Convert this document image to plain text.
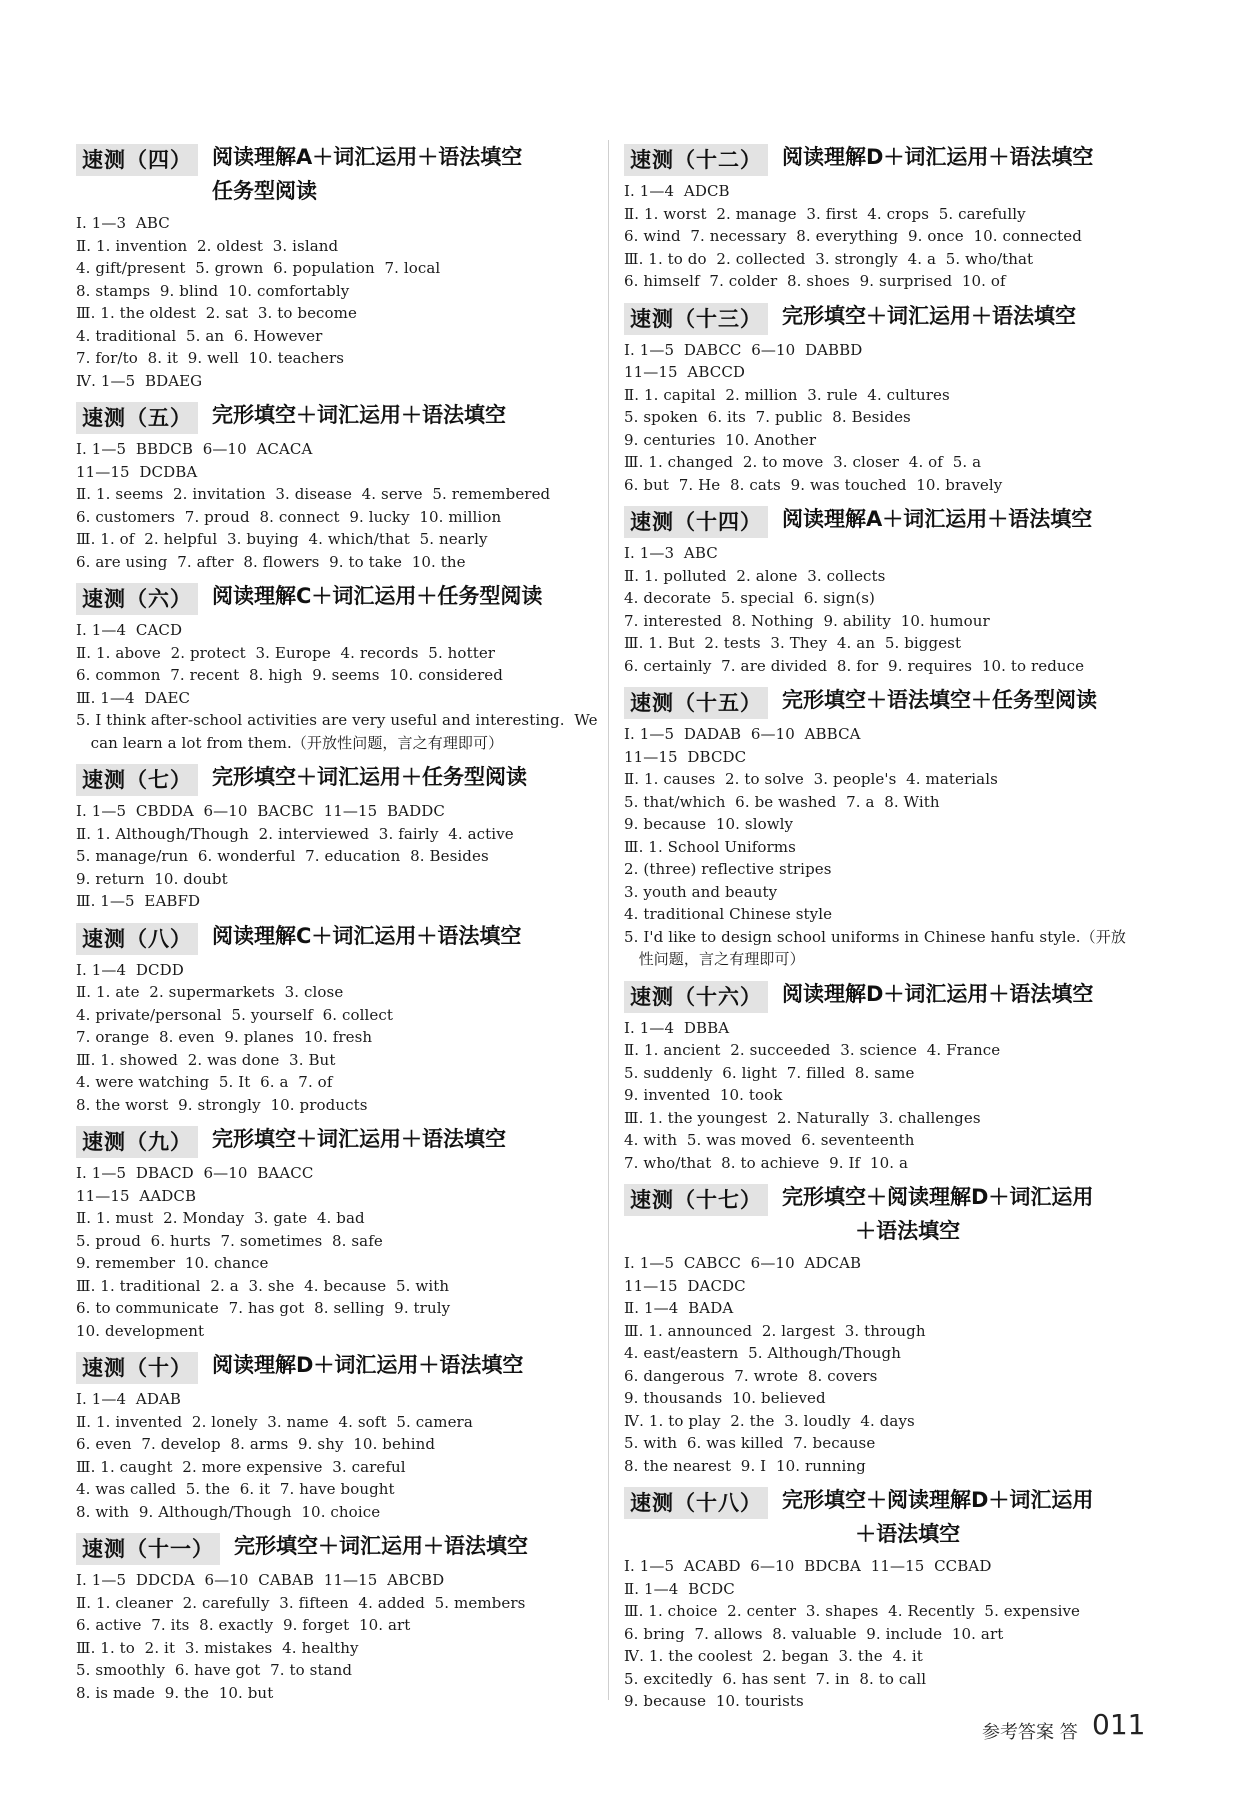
速测（四） 阅读理解A＋词汇运用＋语法填空
任务型阅读
Ⅰ. 1—3  ABC
Ⅱ. 1. invention  2. oldest  3. island
4. gift/present  5. grown  6. population  7. local
8. stamps  9. blind  10. comfortably
Ⅲ. 1. the oldest  2. sat  3. to become
4. traditional  5. an  6. However
7. for/to  8. it  9. well  10. teachers
Ⅳ. 1—5  BDAEG
速测（五） 完形填空＋词汇运用＋语法填空
Ⅰ. 1—5  BBDCB  6—10  ACACA
11—15  DCDBA
Ⅱ. 1. seems  2. invitation  3. disease  4. serve  5. remembered
6. customers  7. proud  8. connect  9. lucky  10. million
Ⅲ. 1. of  2. helpful  3. buying  4. which/that  5. nearly
6. are using  7. after  8. flowers  9. to take  10. the
速测（六） 阅读理解C＋词汇运用＋任务型阅读
Ⅰ. 1—4  CACD
Ⅱ. 1. above  2. protect  3. Europe  4. records  5. hotter
6. common  7. recent  8. high  9. seems  10. considered
Ⅲ. 1—4  DAEC
5. I think after-school activities are very useful and interesting.  We
can learn a lot from them.（开放性问题，言之有理即可）
速测（七） 完形填空＋词汇运用＋任务型阅读
Ⅰ. 1—5  CBDDA  6—10  BACBC  11—15  BADDC
Ⅱ. 1. Although/Though  2. interviewed  3. fairly  4. active
5. manage/run  6. wonderful  7. education  8. Besides
9. return  10. doubt
Ⅲ. 1—5  EABFD
速测（八） 阅读理解C＋词汇运用＋语法填空
Ⅰ. 1—4  DCDD
Ⅱ. 1. ate  2. supermarkets  3. close
4. private/personal  5. yourself  6. collect
7. orange  8. even  9. planes  10. fresh
Ⅲ. 1. showed  2. was done  3. But
4. were watching  5. It  6. a  7. of
8. the worst  9. strongly  10. products
速测（九） 完形填空＋词汇运用＋语法填空
Ⅰ. 1—5  DBACD  6—10  BAACC
11—15  AADCB
Ⅱ. 1. must  2. Monday  3. gate  4. bad
5. proud  6. hurts  7. sometimes  8. safe
9. remember  10. chance
Ⅲ. 1. traditional  2. a  3. she  4. because  5. with
6. to communicate  7. has got  8. selling  9. truly
10. development
速测（十） 阅读理解D＋词汇运用＋语法填空
Ⅰ. 1—4  ADAB
Ⅱ. 1. invented  2. lonely  3. name  4. soft  5. camera
6. even  7. develop  8. arms  9. shy  10. behind
Ⅲ. 1. caught  2. more expensive  3. careful
4. was called  5. the  6. it  7. have bought
8. with  9. Although/Though  10. choice
速测（十一） 完形填空＋词汇运用＋语法填空
Ⅰ. 1—5  DDCDA  6—10  CABAB  11—15  ABCBD
Ⅱ. 1. cleaner  2. carefully  3. fifteen  4. added  5. members
6. active  7. its  8. exactly  9. forget  10. art
Ⅲ. 1. to  2. it  3. mistakes  4. healthy
5. smoothly  6. have got  7. to stand
8. is made  9. the  10. but
速测（十二） 阅读理解D＋词汇运用＋语法填空
Ⅰ. 1—4  ADCB
Ⅱ. 1. worst  2. manage  3. first  4. crops  5. carefully
6. wind  7. necessary  8. everything  9. once  10. connected
Ⅲ. 1. to do  2. collected  3. strongly  4. a  5. who/that
6. himself  7. colder  8. shoes  9. surprised  10. of
速测（十三） 完形填空＋词汇运用＋语法填空
Ⅰ. 1—5  DABCC  6—10  DABBD
11—15  ABCCD
Ⅱ. 1. capital  2. million  3. rule  4. cultures
5. spoken  6. its  7. public  8. Besides
9. centuries  10. Another
Ⅲ. 1. changed  2. to move  3. closer  4. of  5. a
6. but  7. He  8. cats  9. was touched  10. bravely
速测（十四） 阅读理解A＋词汇运用＋语法填空
Ⅰ. 1—3  ABC
Ⅱ. 1. polluted  2. alone  3. collects
4. decorate  5. special  6. sign(s)
7. interested  8. Nothing  9. ability  10. humour
Ⅲ. 1. But  2. tests  3. They  4. an  5. biggest
6. certainly  7. are divided  8. for  9. requires  10. to reduce
速测（十五） 完形填空＋语法填空＋任务型阅读
Ⅰ. 1—5  DADAB  6—10  ABBCA
11—15  DBCDC
Ⅱ. 1. causes  2. to solve  3. people's  4. materials
5. that/which  6. be washed  7. a  8. With
9. because  10. slowly
Ⅲ. 1. School Uniforms
2. (three) reflective stripes
3. youth and beauty
4. traditional Chinese style
5. I'd like to design school uniforms in Chinese hanfu style.（开放
性问题，言之有理即可）
速测（十六） 阅读理解D＋词汇运用＋语法填空
Ⅰ. 1—4  DBBA
Ⅱ. 1. ancient  2. succeeded  3. science  4. France
5. suddenly  6. light  7. filled  8. same
9. invented  10. took
Ⅲ. 1. the youngest  2. Naturally  3. challenges
4. with  5. was moved  6. seventeenth
7. who/that  8. to achieve  9. If  10. a
速测（十七） 完形填空＋阅读理解D＋词汇运用
＋语法填空
Ⅰ. 1—5  CABCC  6—10  ADCAB
11—15  DACDC
Ⅱ. 1—4  BADA
Ⅲ. 1. announced  2. largest  3. through
4. east/eastern  5. Although/Though
6. dangerous  7. wrote  8. covers
9. thousands  10. believed
Ⅳ. 1. to play  2. the  3. loudly  4. days
5. with  6. was killed  7. because
8. the nearest  9. I  10. running
速测（十八） 完形填空＋阅读理解D＋词汇运用
＋语法填空
Ⅰ. 1—5  ACABD  6—10  BDCBA  11—15  CCBAD
Ⅱ. 1—4  BCDC
Ⅲ. 1. choice  2. center  3. shapes  4. Recently  5. expensive
6. bring  7. allows  8. valuable  9. include  10. art
Ⅳ. 1. the coolest  2. began  3. the  4. it
5. excitedly  6. has sent  7. in  8. to call
9. because  10. tourists
参考答案 答 011
